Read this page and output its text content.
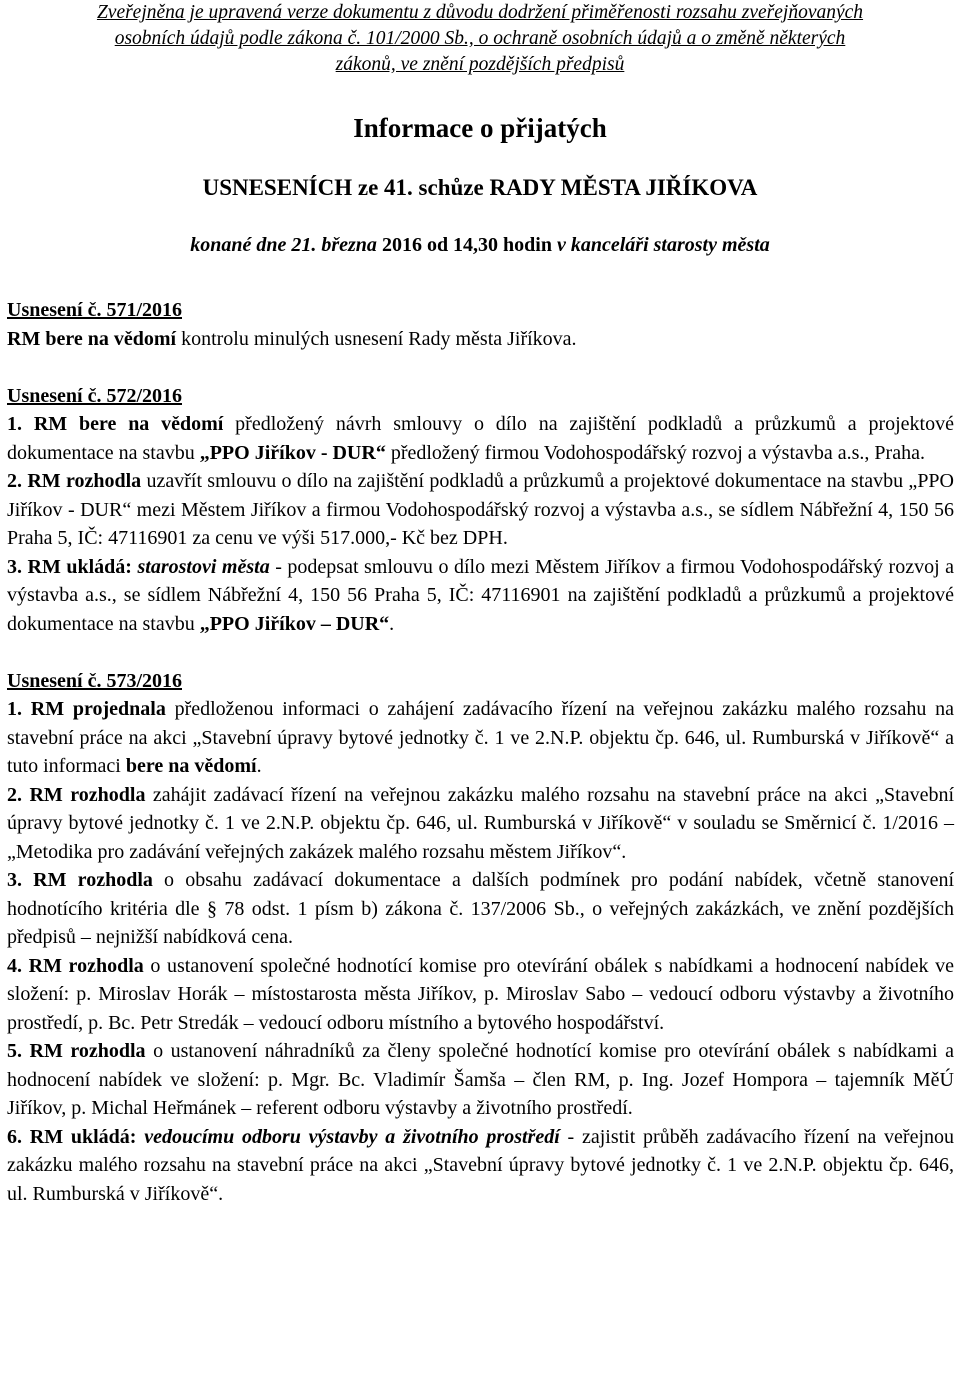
Zveřejněna je upravená verze dokumentu z důvodu dodržení přiměřenosti rozsahu zveřejňovaných
osobních údajů podle zákona č. 101/2000 Sb., o ochraně osobních údajů a o změně některých
zákonů, ve znění pozdějších předpisů
Informace o přijatých
USNESENÍCH ze 41. schůze RADY MĚSTA JIŘÍKOVA
konané dne 21. března 2016 od 14,30 hodin v kanceláři starosty města

Usnesení č. 571/2016

RM bere na vědomí kontrolu minulých usnesení Rady města Jiříkova.

Usnesení č. 572/2016

1. RM bere na vědomí předložený návrh smlouvy o dílo na zajištění podkladů a průzkumů a projektové dokumentace na stavbu „PPO Jiříkov - DUR“ předložený firmou Vodohospodářský rozvoj a výstavba a.s., Praha.

2. RM rozhodla uzavřít smlouvu o dílo na zajištění podkladů a průzkumů a projektové dokumentace na stavbu „PPO Jiříkov - DUR“ mezi Městem Jiříkov a firmou Vodohospodářský rozvoj a výstavba a.s., se sídlem Nábřežní 4, 150 56 Praha 5, IČ: 47116901 za cenu ve výši 517.000,- Kč bez DPH.

3. RM ukládá: starostovi města - podepsat smlouvu o dílo mezi Městem Jiříkov a firmou Vodohospodářský rozvoj a výstavba a.s., se sídlem Nábřežní 4, 150 56 Praha 5, IČ: 47116901 na zajištění podkladů a průzkumů a projektové dokumentace na stavbu „PPO Jiříkov – DUR“.

Usnesení č. 573/2016

1. RM projednala předloženou informaci o zahájení zadávacího řízení na veřejnou zakázku malého rozsahu na stavební práce na akci „Stavební úpravy bytové jednotky č. 1 ve 2.N.P. objektu čp. 646, ul. Rumburská v Jiříkově“ a tuto informaci bere na vědomí.

2. RM rozhodla zahájit zadávací řízení na veřejnou zakázku malého rozsahu na stavební práce na akci „Stavební úpravy bytové jednotky č. 1 ve 2.N.P. objektu čp. 646, ul. Rumburská v Jiříkově“ v souladu se Směrnicí č. 1/2016 – „Metodika pro zadávání veřejných zakázek malého rozsahu městem Jiříkov“.

3. RM rozhodla o obsahu zadávací dokumentace a dalších podmínek pro podání nabídek, včetně stanovení hodnotícího kritéria dle § 78 odst. 1 písm b) zákona č. 137/2006 Sb., o veřejných zakázkách, ve znění pozdějších předpisů – nejnižší nabídková cena.

4. RM rozhodla o ustanovení společné hodnotící komise pro otevírání obálek s nabídkami a hodnocení nabídek ve složení: p. Miroslav Horák – místostarosta města Jiříkov, p. Miroslav Sabo – vedoucí odboru výstavby a životního prostředí, p. Bc. Petr Stredák – vedoucí odboru místního a bytového hospodářství.

5. RM rozhodla o ustanovení náhradníků za členy společné hodnotící komise pro otevírání obálek s nabídkami a hodnocení nabídek ve složení: p. Mgr. Bc. Vladimír Šamša – člen RM, p. Ing. Jozef Hompora – tajemník MěÚ Jiříkov, p. Michal Heřmánek – referent odboru výstavby a životního prostředí.

6. RM ukládá: vedoucímu odboru výstavby a životního prostředí - zajistit průběh zadávacího řízení na veřejnou zakázku malého rozsahu na stavební práce na akci „Stavební úpravy bytové jednotky č. 1 ve 2.N.P. objektu čp. 646, ul. Rumburská v Jiříkově“.
